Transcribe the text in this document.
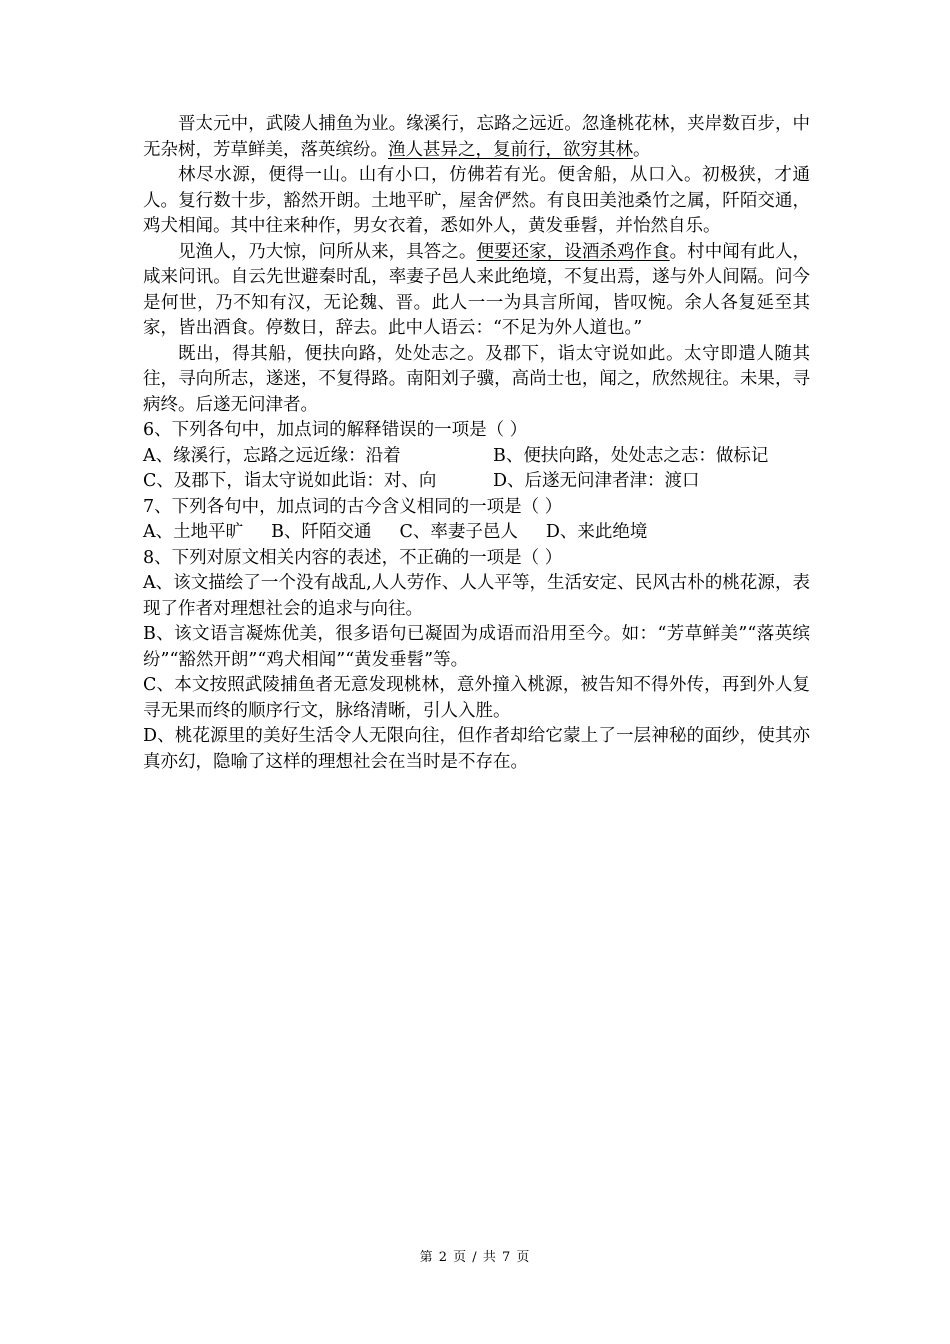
晋太元中，武陵人捕鱼为业。缘溪行，忘路之远近。忽逢桃花林，夹岸数百步，中无杂树，芳草鲜美，落英缤纷。渔人甚异之，复前行，欲穷其林。

林尽水源，便得一山。山有小口，仿佛若有光。便舍船，从口入。初极狭，才通人。复行数十步，豁然开朗。土地平旷，屋舍俨然。有良田美池桑竹之属，阡陌交通，鸡犬相闻。其中往来种作，男女衣着，悉如外人，黄发垂髫，并怡然自乐。

见渔人，乃大惊，问所从来，具答之。便要还家，设酒杀鸡作食。村中闻有此人，咸来问讯。自云先世避秦时乱，率妻子邑人来此绝境，不复出焉，遂与外人间隔。问今是何世，乃不知有汉，无论魏、晋。此人一一为具言所闻，皆叹惋。余人各复延至其家，皆出酒食。停数日，辞去。此中人语云：“不足为外人道也。”

既出，得其船，便扶向路，处处志之。及郡下，诣太守说如此。太守即遣人随其往，寻向所志，遂迷，不复得路。南阳刘子骥，高尚士也，闻之，欣然规往。未果，寻病终。后遂无问津者。

6、下列各句中，加点词的解释错误的一项是（ ）

A、缘溪行，忘路之远近缘：沿着	B、便扶向路，处处志之志：做标记
C、及郡下，诣太守说如此诣：对、向	D、后遂无问津者津：渡口

7、下列各句中，加点词的古今含义相同的一项是（ ）

A、土地平旷 B、阡陌交通 C、率妻子邑人 D、来此绝境

8、下列对原文相关内容的表述，不正确的一项是（ ）

A、该文描绘了一个没有战乱,人人劳作、人人平等，生活安定、民风古朴的桃花源，表现了作者对理想社会的追求与向往。

B、该文语言凝炼优美，很多语句已凝固为成语而沿用至今。如：“芳草鲜美”“落英缤纷”“豁然开朗”“鸡犬相闻”“黄发垂髫”等。

C、本文按照武陵捕鱼者无意发现桃林，意外撞入桃源，被告知不得外传，再到外人复寻无果而终的顺序行文，脉络清晰，引人入胜。

D、桃花源里的美好生活令人无限向往，但作者却给它蒙上了一层神秘的面纱，使其亦真亦幻，隐喻了这样的理想社会在当时是不存在。

第 2 页 / 共 7 页
